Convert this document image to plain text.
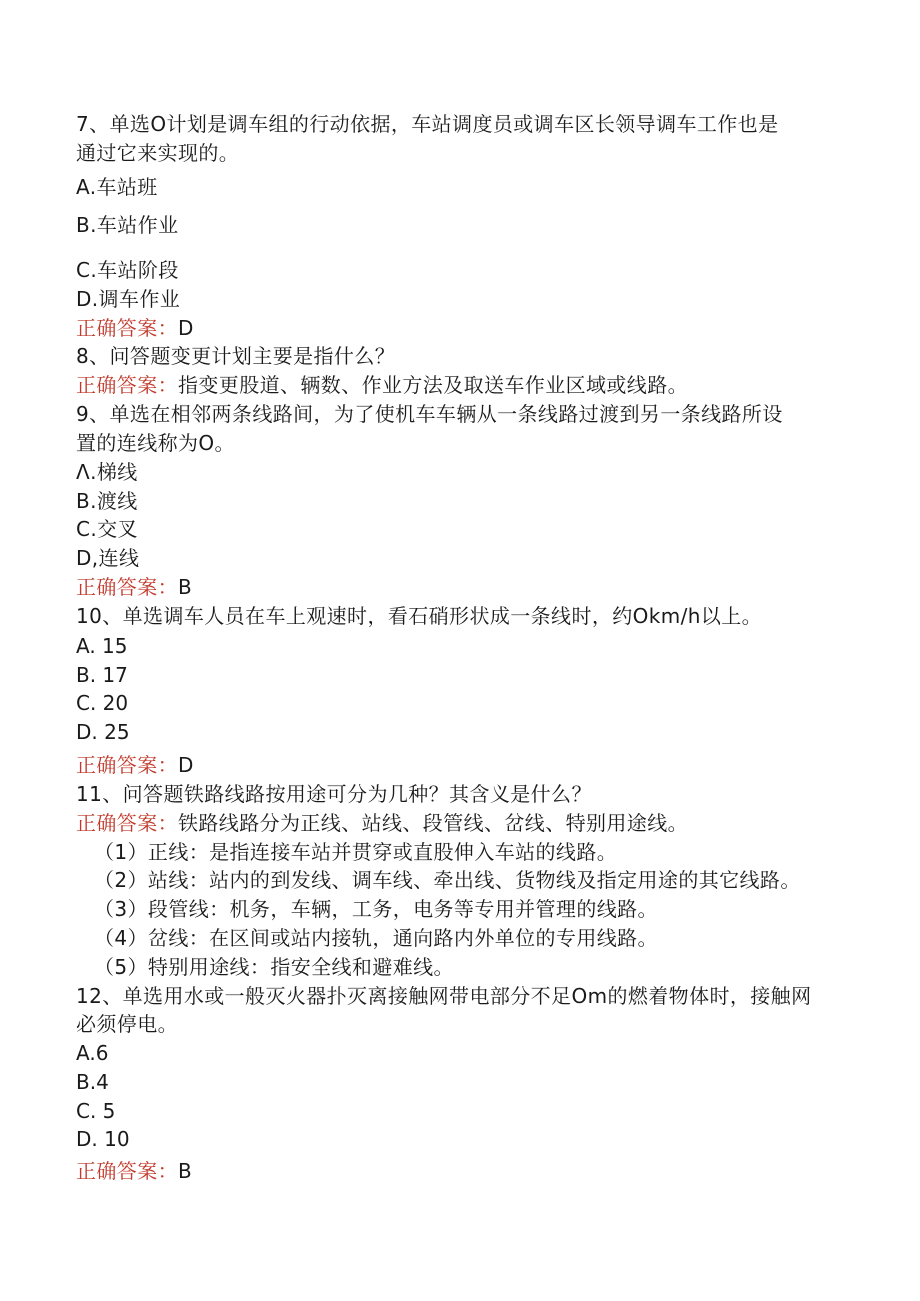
7、单选O计划是调车组的行动依据，车站调度员或调车区长领导调车工作也是
通过它来实现的。
A.车站班
B.车站作业
C.车站阶段
D.调车作业
正确答案：D
8、问答题变更计划主要是指什么？
正确答案：指变更股道、辆数、作业方法及取送车作业区域或线路。
9、单选在相邻两条线路间，为了使机车车辆从一条线路过渡到另一条线路所设
置的连线称为O。
Λ.梯线
B.渡线
C.交叉
D,连线
正确答案：B
10、单选调车人员在车上观速时，看石硝形状成一条线时，约Okm/h以上。
A. 15
B. 17
C. 20
D. 25
正确答案：D
11、问答题铁路线路按用途可分为几种？其含义是什么？
正确答案：铁路线路分为正线、站线、段管线、岔线、特别用途线。
（1）正线：是指连接车站并贯穿或直股伸入车站的线路。
（2）站线：站内的到发线、调车线、牵出线、货物线及指定用途的其它线路。
（3）段管线：机务，车辆，工务，电务等专用并管理的线路。
（4）岔线：在区间或站内接轨，通向路内外单位的专用线路。
（5）特别用途线：指安全线和避难线。
12、单选用水或一般灭火器扑灭离接触网带电部分不足Om的燃着物体时，接触网
必须停电。
A.6
B.4
C. 5
D. 10
正确答案：B
